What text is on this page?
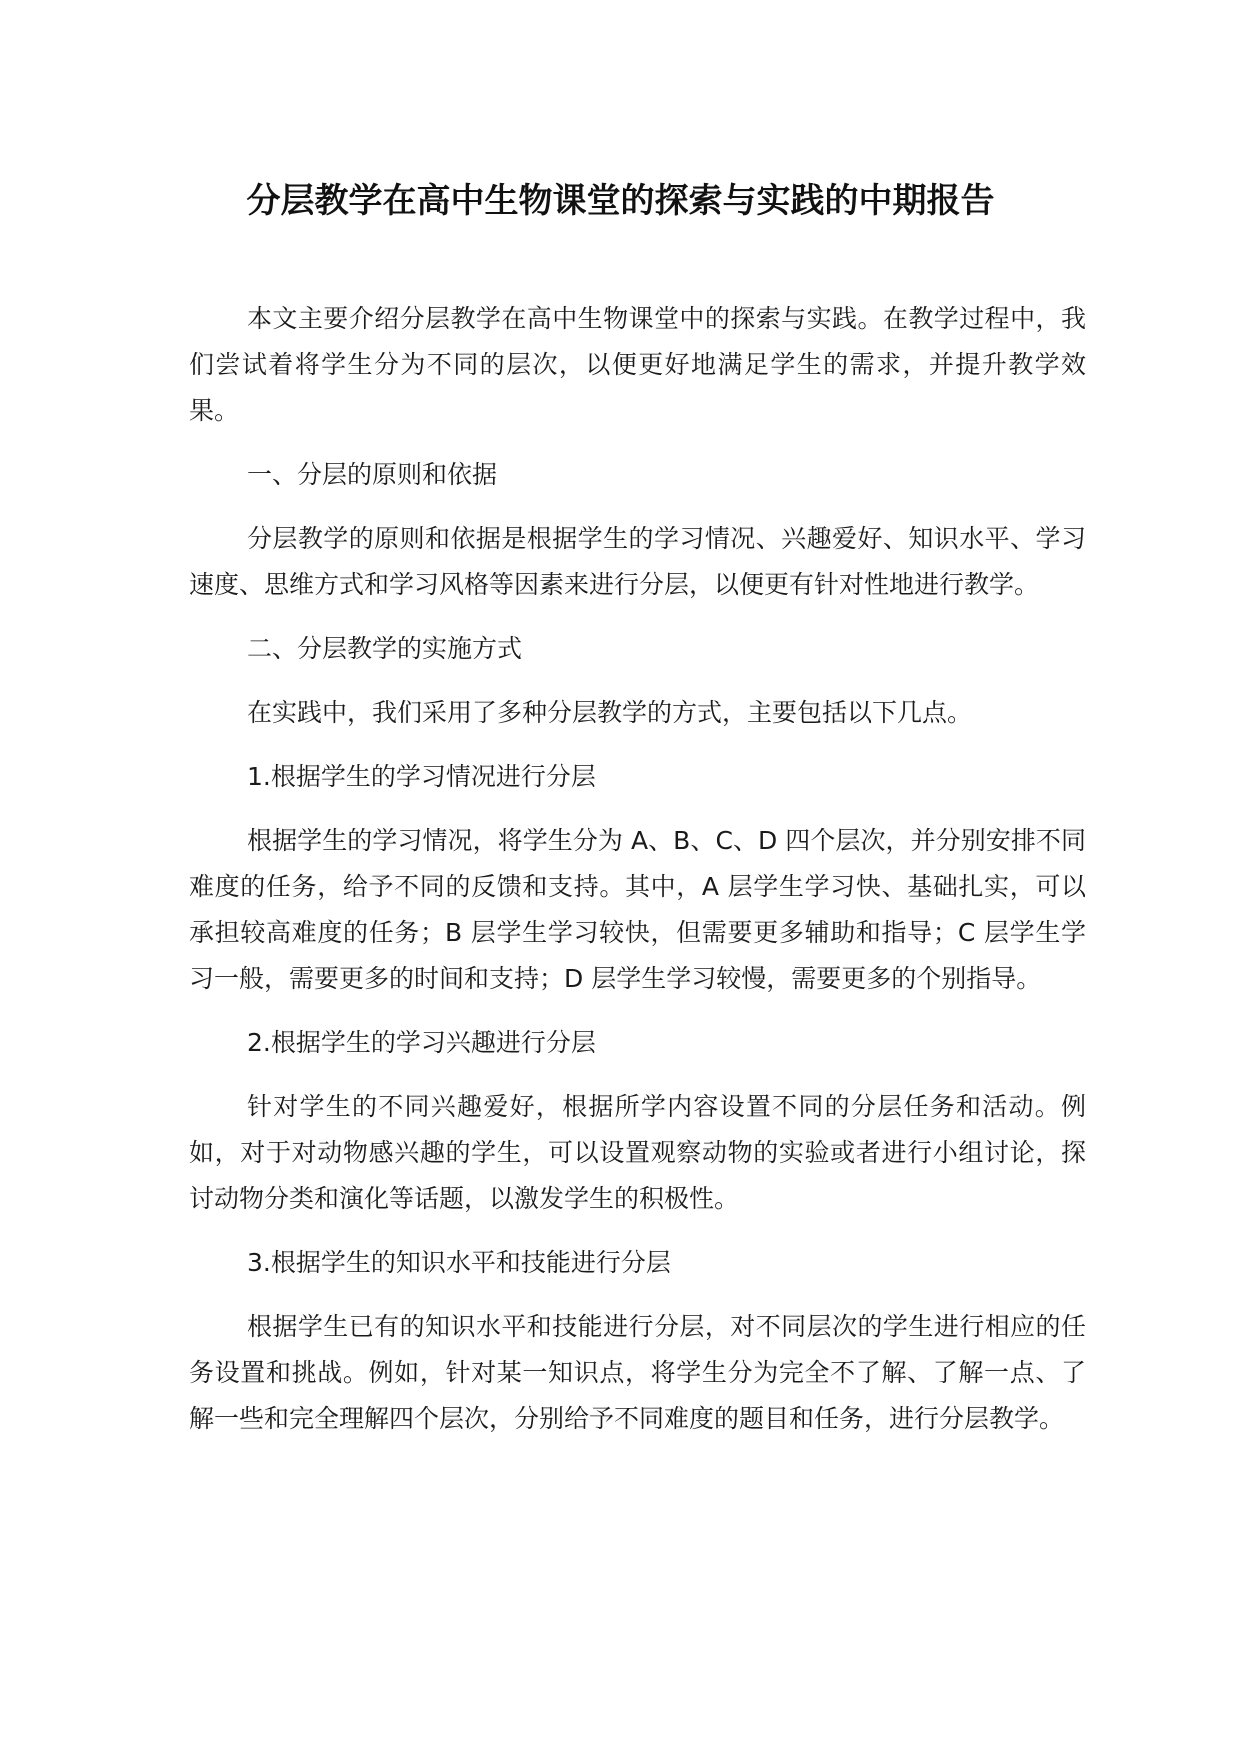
分层教学在高中生物课堂的探索与实践的中期报告

本文主要介绍分层教学在高中生物课堂中的探索与实践。在教学过程中，我们尝试着将学生分为不同的层次，以便更好地满足学生的需求，并提升教学效果。

一、分层的原则和依据

分层教学的原则和依据是根据学生的学习情况、兴趣爱好、知识水平、学习速度、思维方式和学习风格等因素来进行分层，以便更有针对性地进行教学。

二、分层教学的实施方式

在实践中，我们采用了多种分层教学的方式，主要包括以下几点。

1.根据学生的学习情况进行分层

根据学生的学习情况，将学生分为 A、B、C、D 四个层次，并分别安排不同难度的任务，给予不同的反馈和支持。其中，A 层学生学习快、基础扎实，可以承担较高难度的任务；B 层学生学习较快，但需要更多辅助和指导；C 层学生学习一般，需要更多的时间和支持；D 层学生学习较慢，需要更多的个别指导。

2.根据学生的学习兴趣进行分层

针对学生的不同兴趣爱好，根据所学内容设置不同的分层任务和活动。例如，对于对动物感兴趣的学生，可以设置观察动物的实验或者进行小组讨论，探讨动物分类和演化等话题，以激发学生的积极性。

3.根据学生的知识水平和技能进行分层

根据学生已有的知识水平和技能进行分层，对不同层次的学生进行相应的任务设置和挑战。例如，针对某一知识点，将学生分为完全不了解、了解一点、了解一些和完全理解四个层次，分别给予不同难度的题目和任务，进行分层教学。
